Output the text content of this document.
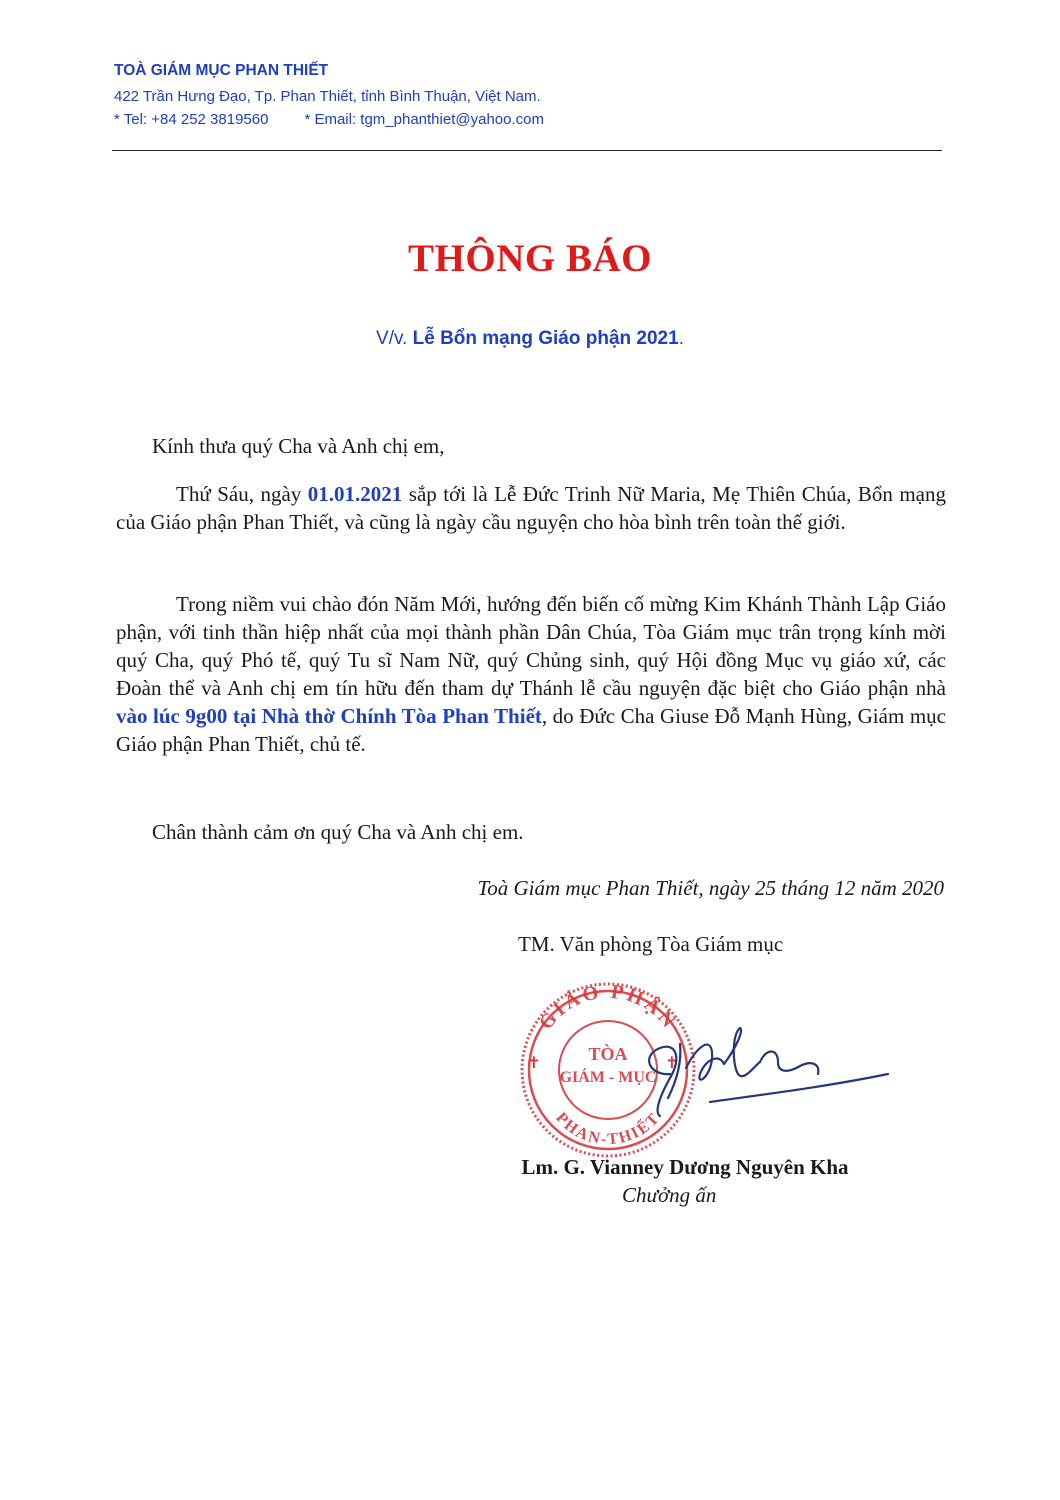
TOÀ GIÁM MỤC PHAN THIẾT
422 Trần Hưng Đạo, Tp. Phan Thiết, tỉnh Bình Thuận, Việt Nam.
* Tel: +84 252 3819560 * Email: tgm_phanthiet@yahoo.com
THÔNG BÁO
V/v. Lễ Bổn mạng Giáo phận 2021.
Kính thưa quý Cha và Anh chị em,
Thứ Sáu, ngày 01.01.2021 sắp tới là Lễ Đức Trinh Nữ Maria, Mẹ Thiên Chúa, Bổn mạng của Giáo phận Phan Thiết, và cũng là ngày cầu nguyện cho hòa bình trên toàn thế giới.
Trong niềm vui chào đón Năm Mới, hướng đến biến cố mừng Kim Khánh Thành Lập Giáo phận, với tinh thần hiệp nhất của mọi thành phần Dân Chúa, Tòa Giám mục trân trọng kính mời quý Cha, quý Phó tế, quý Tu sĩ Nam Nữ, quý Chủng sinh, quý Hội đồng Mục vụ giáo xứ, các Đoàn thể và Anh chị em tín hữu đến tham dự Thánh lễ cầu nguyện đặc biệt cho Giáo phận nhà vào lúc 9g00 tại Nhà thờ Chính Tòa Phan Thiết, do Đức Cha Giuse Đỗ Mạnh Hùng, Giám mục Giáo phận Phan Thiết, chủ tế.
Chân thành cảm ơn quý Cha và Anh chị em.
Toà Giám mục Phan Thiết, ngày 25 tháng 12 năm 2020
TM. Văn phòng Tòa Giám mục
GIÁO PHẬN
PHAN-THIẾT
TÒA
GIÁM - MỤC
✝	✝
Lm. G. Vianney Dương Nguyên Kha
Chưởng ấn
